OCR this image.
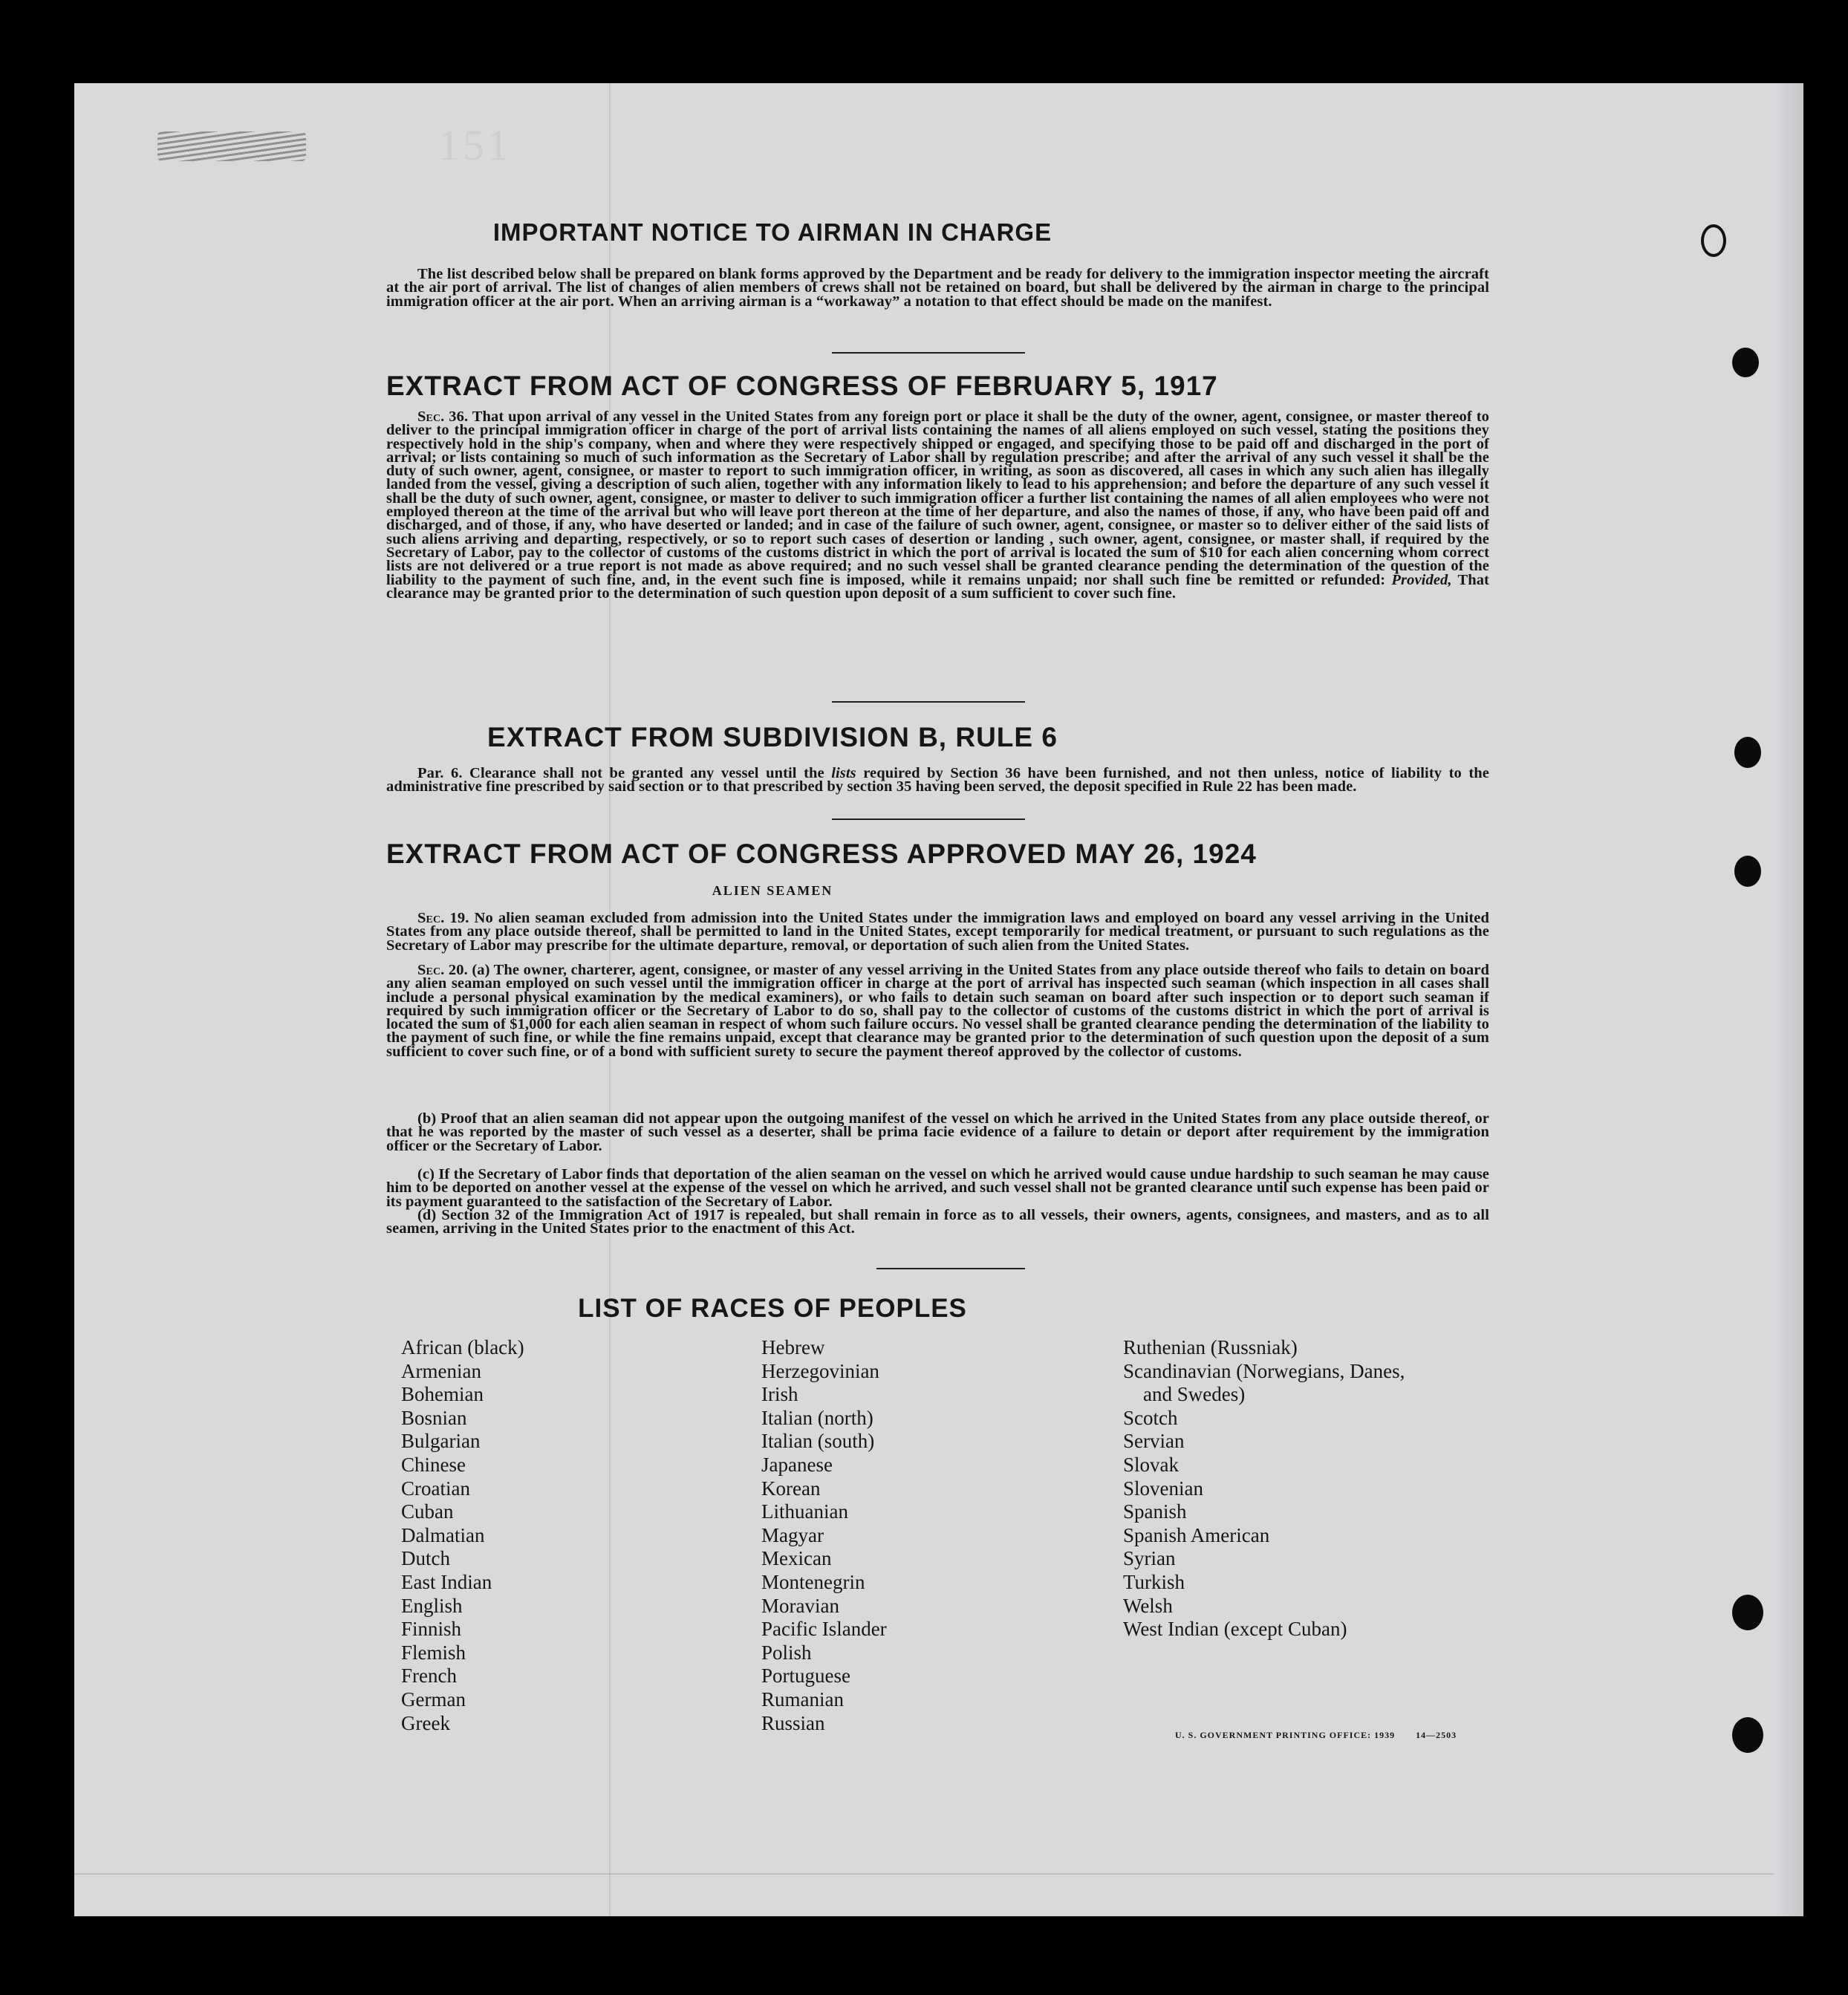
151
IMPORTANT NOTICE TO AIRMAN IN CHARGE
The list described below shall be prepared on blank forms approved by the Department and be ready for delivery to the immigration inspector meeting the aircraft at the air port of arrival. The list of changes of alien members of crews shall not be retained on board, but shall be delivered by the airman in charge to the principal immigration officer at the air port. When an arriving airman is a “workaway” a notation to that effect should be made on the manifest.
EXTRACT FROM ACT OF CONGRESS OF FEBRUARY 5, 1917
Sec. 36. That upon arrival of any vessel in the United States from any foreign port or place it shall be the duty of the owner, agent, consignee, or master thereof to deliver to the principal immigration officer in charge of the port of arrival lists containing the names of all aliens employed on such vessel, stating the positions they respectively hold in the ship's company, when and where they were respectively shipped or engaged, and specifying those to be paid off and discharged in the port of arrival; or lists containing so much of such information as the Secretary of Labor shall by regulation prescribe; and after the arrival of any such vessel it shall be the duty of such owner, agent, consignee, or master to report to such immigration officer, in writing, as soon as discovered, all cases in which any such alien has illegally landed from the vessel, giving a description of such alien, together with any information likely to lead to his apprehension; and before the departure of any such vessel it shall be the duty of such owner, agent, consignee, or master to deliver to such immigration officer a further list containing the names of all alien employees who were not employed thereon at the time of the arrival but who will leave port thereon at the time of her departure, and also the names of those, if any, who have been paid off and discharged, and of those, if any, who have deserted or landed; and in case of the failure of such owner, agent, consignee, or master so to deliver either of the said lists of such aliens arriving and departing, respectively, or so to report such cases of desertion or landing , such owner, agent, consignee, or master shall, if required by the Secretary of Labor, pay to the collector of customs of the customs district in which the port of arrival is located the sum of $10 for each alien concerning whom correct lists are not delivered or a true report is not made as above required; and no such vessel shall be granted clearance pending the determination of the question of the liability to the payment of such fine, and, in the event such fine is imposed, while it remains unpaid; nor shall such fine be remitted or refunded: Provided, That clearance may be granted prior to the determination of such question upon deposit of a sum sufficient to cover such fine.
EXTRACT FROM SUBDIVISION B, RULE 6
Par. 6. Clearance shall not be granted any vessel until the lists required by Section 36 have been furnished, and not then unless, notice of liability to the administrative fine prescribed by said section or to that prescribed by section 35 having been served, the deposit specified in Rule 22 has been made.
EXTRACT FROM ACT OF CONGRESS APPROVED MAY 26, 1924
ALIEN SEAMEN
Sec. 19. No alien seaman excluded from admission into the United States under the immigration laws and employed on board any vessel arriving in the United States from any place outside thereof, shall be permitted to land in the United States, except temporarily for medical treatment, or pursuant to such regulations as the Secretary of Labor may prescribe for the ultimate departure, removal, or deportation of such alien from the United States.
Sec. 20. (a) The owner, charterer, agent, consignee, or master of any vessel arriving in the United States from any place outside thereof who fails to detain on board any alien seaman employed on such vessel until the immigration officer in charge at the port of arrival has inspected such seaman (which inspection in all cases shall include a personal physical examination by the medical examiners), or who fails to detain such seaman on board after such inspection or to deport such seaman if required by such immigration officer or the Secretary of Labor to do so, shall pay to the collector of customs of the customs district in which the port of arrival is located the sum of $1,000 for each alien seaman in respect of whom such failure occurs. No vessel shall be granted clearance pending the determination of the liability to the payment of such fine, or while the fine remains unpaid, except that clearance may be granted prior to the determination of such question upon the deposit of a sum sufficient to cover such fine, or of a bond with sufficient surety to secure the payment thereof approved by the collector of customs.
(b) Proof that an alien seaman did not appear upon the outgoing manifest of the vessel on which he arrived in the United States from any place outside thereof, or that he was reported by the master of such vessel as a deserter, shall be prima facie evidence of a failure to detain or deport after requirement by the immigration officer or the Secretary of Labor.
(c) If the Secretary of Labor finds that deportation of the alien seaman on the vessel on which he arrived would cause undue hardship to such seaman he may cause him to be deported on another vessel at the expense of the vessel on which he arrived, and such vessel shall not be granted clearance until such expense has been paid or its payment guaranteed to the satisfaction of the Secretary of Labor.
(d) Section 32 of the Immigration Act of 1917 is repealed, but shall remain in force as to all vessels, their owners, agents, consignees, and masters, and as to all seamen, arriving in the United States prior to the enactment of this Act.
LIST OF RACES OF PEOPLES
African (black)
Armenian
Bohemian
Bosnian
Bulgarian
Chinese
Croatian
Cuban
Dalmatian
Dutch
East Indian
English
Finnish
Flemish
French
German
Greek
Hebrew
Herzegovinian
Irish
Italian (north)
Italian (south)
Japanese
Korean
Lithuanian
Magyar
Mexican
Montenegrin
Moravian
Pacific Islander
Polish
Portuguese
Rumanian
Russian
Ruthenian (Russniak)
Scandinavian (Norwegians, Danes,
 and Swedes)
Scotch
Servian
Slovak
Slovenian
Spanish
Spanish American
Syrian
Turkish
Welsh
West Indian (except Cuban)
U. S. GOVERNMENT PRINTING OFFICE: 1939 14—2503
